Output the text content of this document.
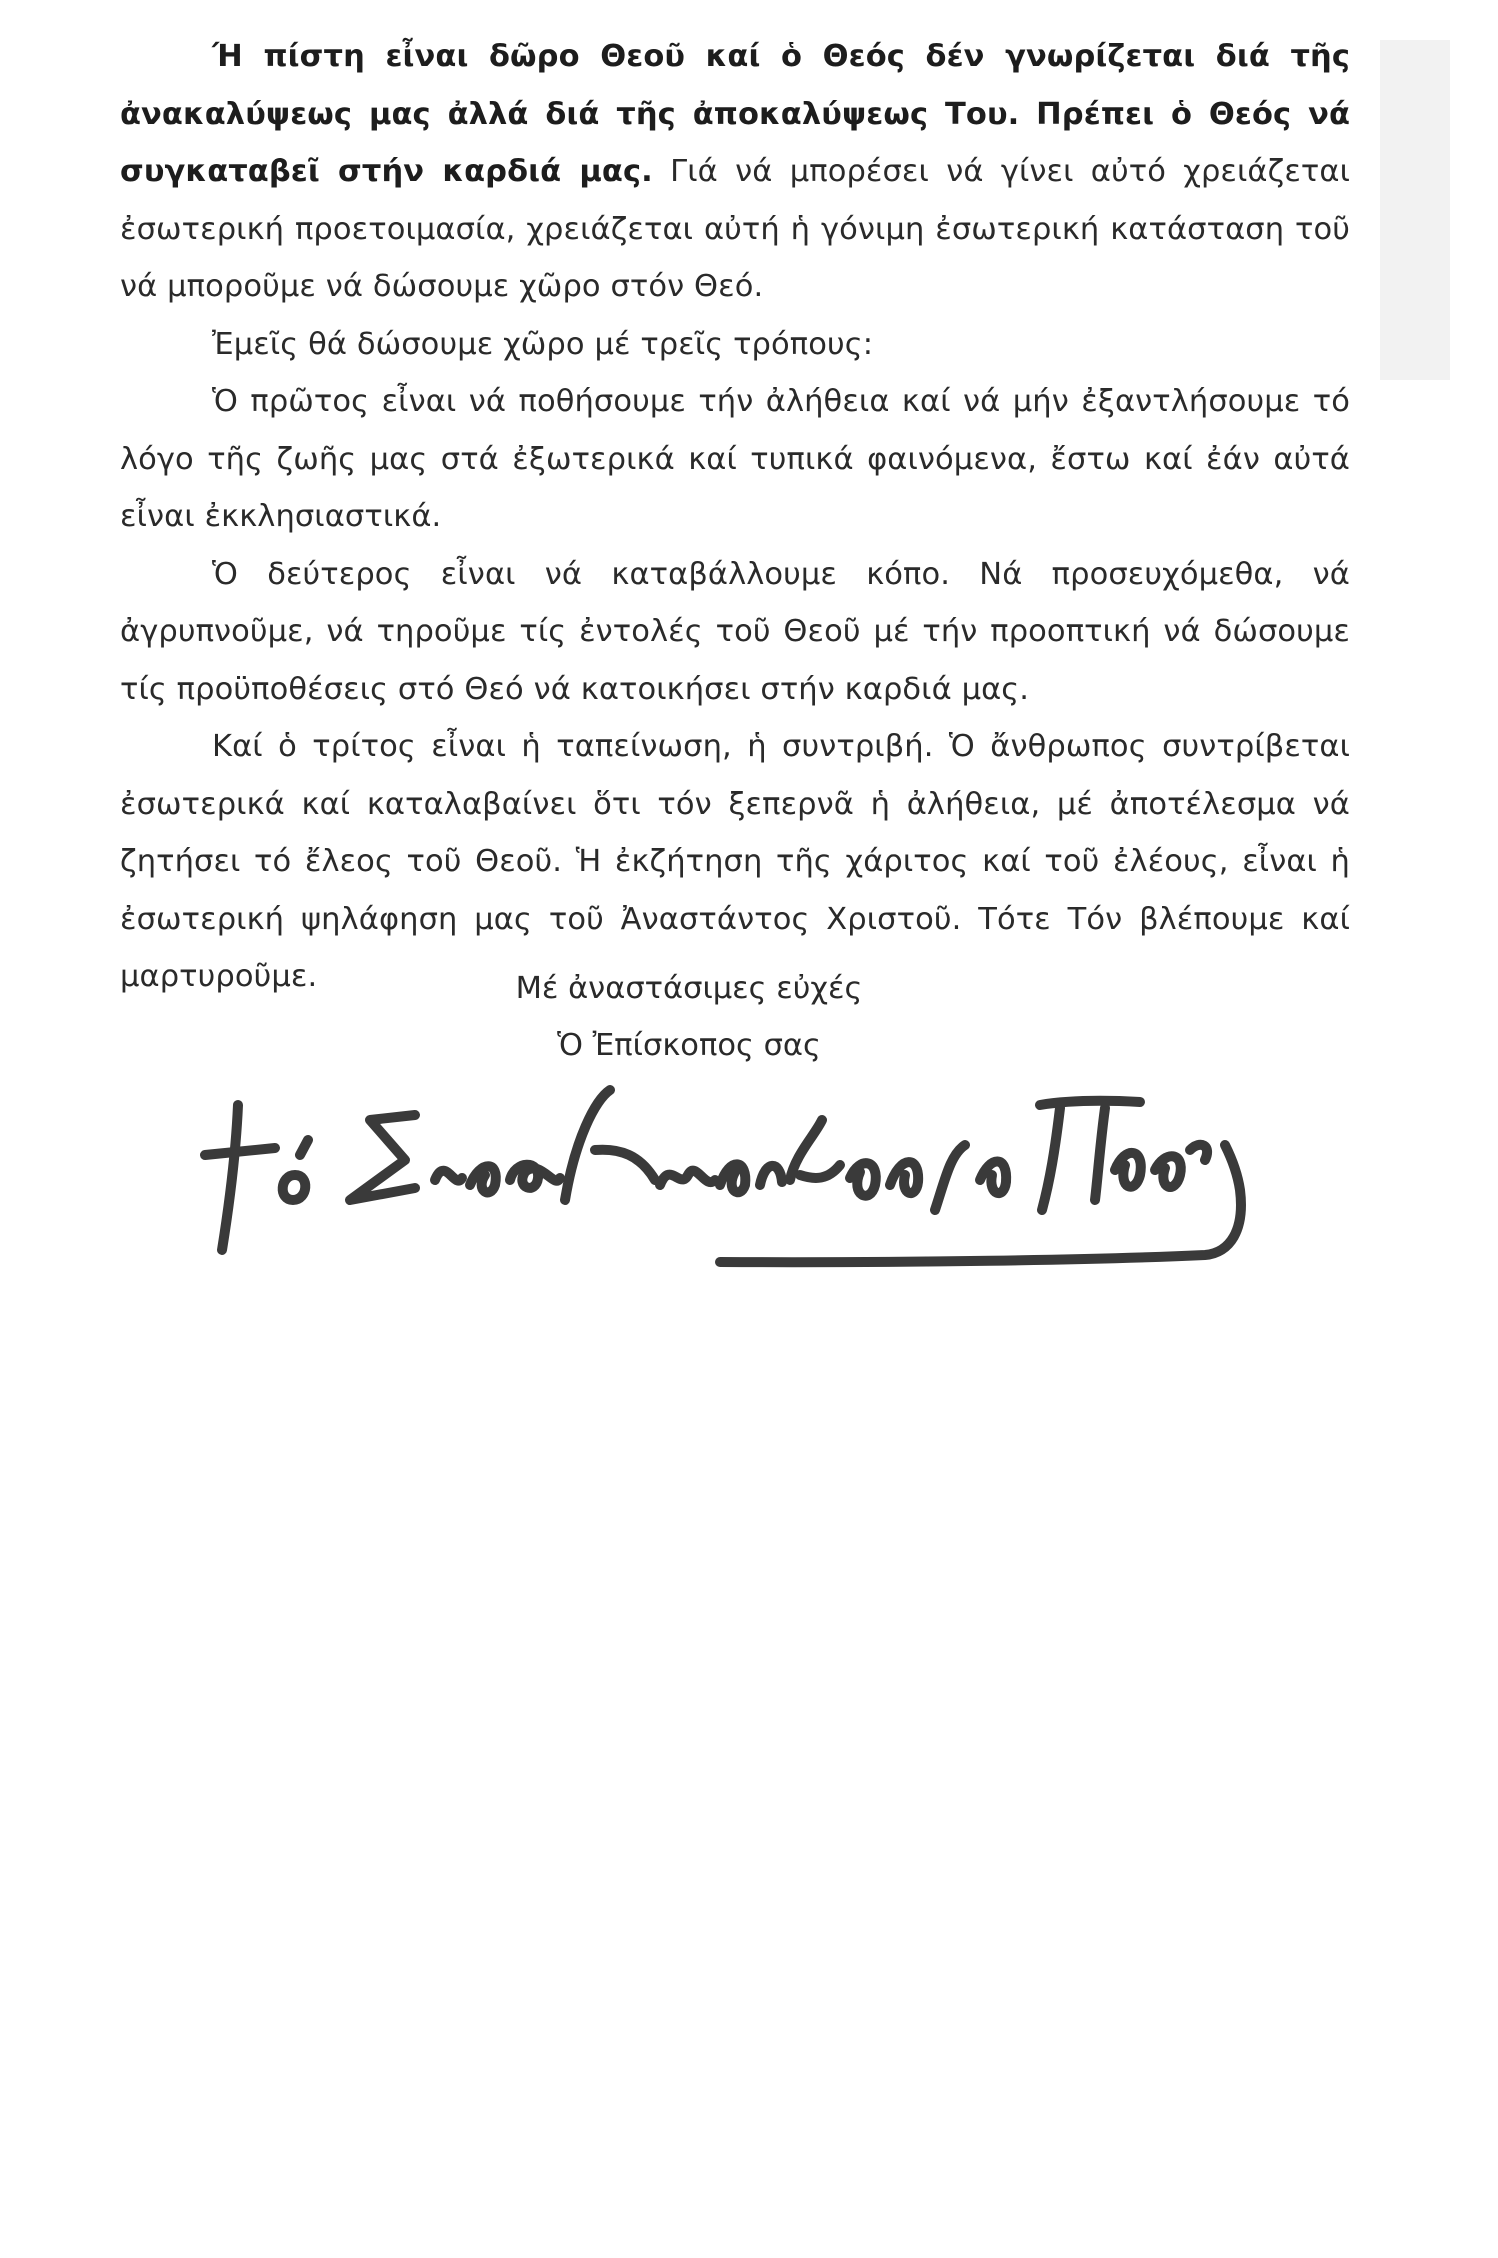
Ή πίστη εἶναι δῶρο Θεοῦ καί ὁ Θεός δέν γνωρίζεται διά τῆς ἀνακαλύψεως μας ἀλλά διά τῆς ἀποκαλύψεως Του. Πρέπει ὁ Θεός νά συγκαταβεῖ στήν καρδιά μας. Γιά νά μπορέσει νά γίνει αὐτό χρειάζεται ἐσωτερική προετοιμασία, χρειάζεται αὐτή ἡ γόνιμη ἐσωτερική κατάσταση τοῦ νά μποροῦμε νά δώσουμε χῶρο στόν Θεό.

Ἐμεῖς θά δώσουμε χῶρο μέ τρεῖς τρόπους:

Ὁ πρῶτος εἶναι νά ποθήσουμε τήν ἀλήθεια καί νά μήν ἐξαντλήσουμε τό λόγο τῆς ζωῆς μας στά ἐξωτερικά καί τυπικά φαινόμενα, ἔστω καί ἐάν αὐτά εἶναι ἐκκλησιαστικά.

Ὁ δεύτερος εἶναι νά καταβάλλουμε κόπο. Νά προσευχόμεθα, νά ἀγρυπνοῦμε, νά τηροῦμε τίς ἐντολές τοῦ Θεοῦ μέ τήν προοπτική νά δώσουμε τίς προϋποθέσεις στό Θεό νά κατοικήσει στήν καρδιά μας.

Καί ὁ τρίτος εἶναι ἡ ταπείνωση, ἡ συντριβή. Ὁ ἄνθρωπος συντρίβεται ἐσωτερικά καί καταλαβαίνει ὅτι τόν ξεπερνᾶ ἡ ἀλήθεια, μέ ἀποτέλεσμα νά ζητήσει τό ἔλεος τοῦ Θεοῦ. Ἡ ἐκζήτηση τῆς χάριτος καί τοῦ ἐλέους, εἶναι ἡ ἐσωτερική ψηλάφηση μας τοῦ Ἀναστάντος Χριστοῦ. Τότε Τόν βλέπουμε καί μαρτυροῦμε.	Μέ ἀναστάσιμες εὐχές

Ὁ Ἐπίσκοπος σας
